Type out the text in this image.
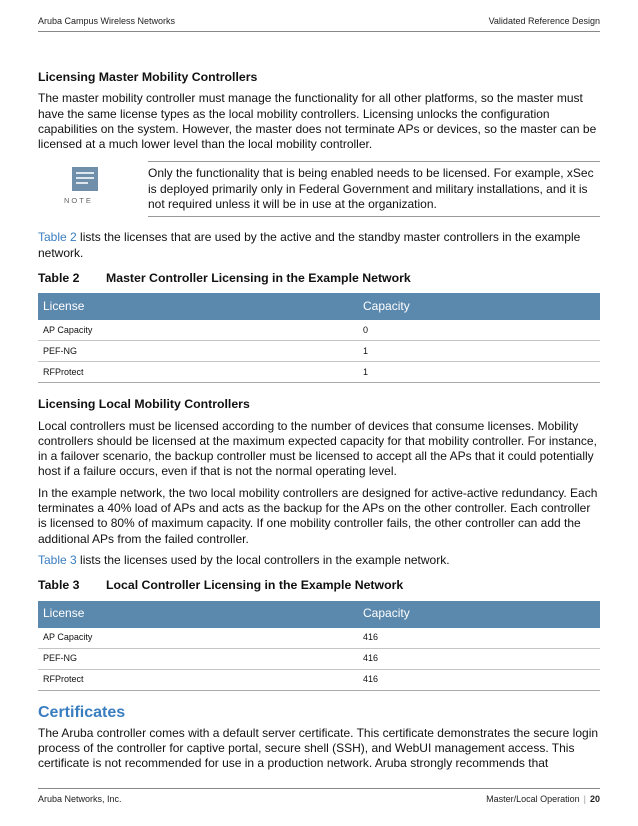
Aruba Campus Wireless Networks	Validated Reference Design
Licensing Master Mobility Controllers

The master mobility controller must manage the functionality for all other platforms, so the master must have the same license types as the local mobility controllers. Licensing unlocks the configuration capabilities on the system. However, the master does not terminate APs or devices, so the master can be licensed at a much lower level than the local mobility controller.

NOTE
Only the functionality that is being enabled needs to be licensed. For example, xSec is deployed primarily only in Federal Government and military installations, and it is not required unless it will be in use at the organization.

Table 2 lists the licenses that are used by the active and the standby master controllers in the example network.

Table 2 Master Controller Licensing in the Example Network
License	Capacity
AP Capacity	0
PEF-NG	1
RFProtect	1
Licensing Local Mobility Controllers

Local controllers must be licensed according to the number of devices that consume licenses. Mobility controllers should be licensed at the maximum expected capacity for that mobility controller. For instance, in a failover scenario, the backup controller must be licensed to accept all the APs that it could potentially host if a failure occurs, even if that is not the normal operating level.

In the example network, the two local mobility controllers are designed for active-active redundancy. Each terminates a 40% load of APs and acts as the backup for the APs on the other controller. Each controller is licensed to 80% of maximum capacity. If one mobility controller fails, the other controller can add the additional APs from the failed controller.

Table 3 lists the licenses used by the local controllers in the example network.

Table 3 Local Controller Licensing in the Example Network
License	Capacity
AP Capacity	416
PEF-NG	416
RFProtect	416
Certificates

The Aruba controller comes with a default server certificate. This certificate demonstrates the secure login process of the controller for captive portal, secure shell (SSH), and WebUI management access. This certificate is not recommended for use in a production network. Aruba strongly recommends that

Aruba Networks, Inc.	Master/Local Operation | 20
